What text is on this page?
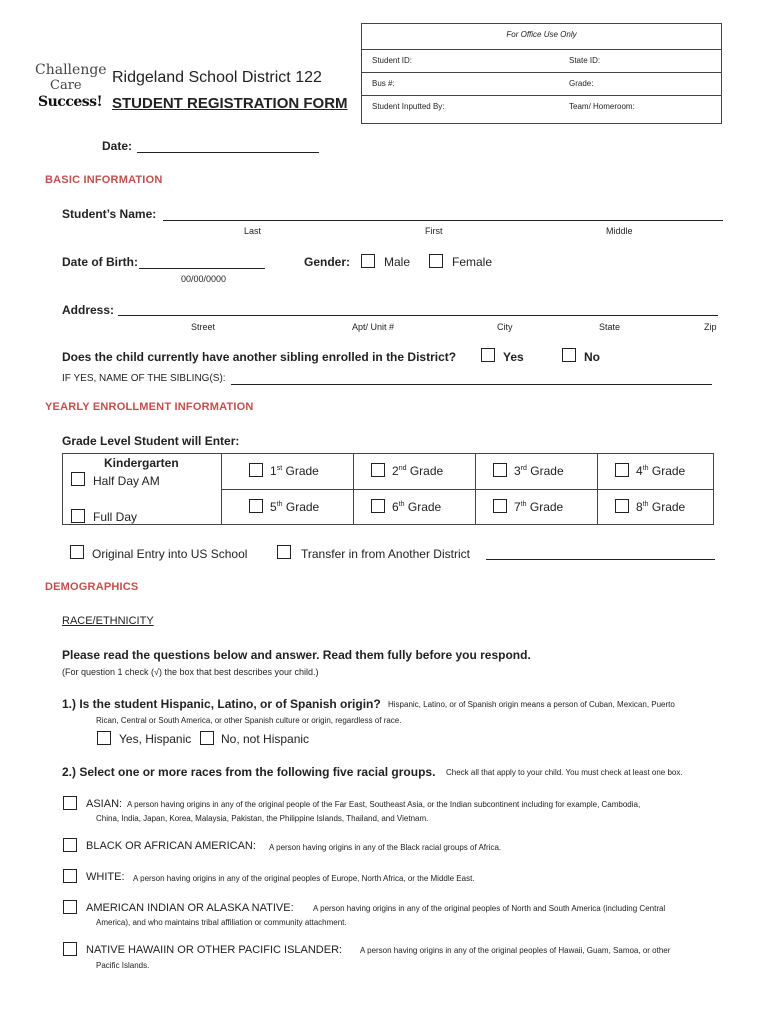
For Office Use Only
Student ID:	State ID:
Bus #:	Grade:
Student Inputted By:	Team/ Homeroom:
Challenge
Care
Success!
Ridgeland School District 122
STUDENT REGISTRATION FORM
Date:
BASIC INFORMATION
Student’s Name:
Last	First	Middle
Date of Birth:
00/00/0000
Gender:	Male	Female
Address:
Street	Apt/ Unit #	City	State	Zip
Does the child currently have another sibling enrolled in the District?	Yes	No
IF YES, NAME OF THE SIBLING(S):
YEARLY ENROLLMENT INFORMATION
Grade Level Student will Enter:
Kindergarten
Half Day AM
Full Day
1st Grade	2nd Grade	3rd Grade	4th Grade
5th Grade	6th Grade	7th Grade	8th Grade
Original Entry into US School	Transfer in from Another District
DEMOGRAPHICS
RACE/ETHNICITY
Please read the questions below and answer. Read them fully before you respond.
(For question 1 check (√) the box that best describes your child.)
1.) Is the student Hispanic, Latino, or of Spanish origin? Hispanic, Latino, or of Spanish origin means a person of Cuban, Mexican, Puerto
Rican, Central or South America, or other Spanish culture or origin, regardless of race.
Yes, Hispanic No, not Hispanic
2.) Select one or more races from the following five racial groups. Check all that apply to your child. You must check at least one box.
ASIAN: A person having origins in any of the original people of the Far East, Southeast Asia, or the Indian subcontinent including for example, Cambodia,
China, India, Japan, Korea, Malaysia, Pakistan, the Philippine Islands, Thailand, and Vietnam.
BLACK OR AFRICAN AMERICAN: A person having origins in any of the Black racial groups of Africa.
WHITE: A person having origins in any of the original peoples of Europe, North Africa, or the Middle East.
AMERICAN INDIAN OR ALASKA NATIVE: A person having origins in any of the original peoples of North and South America (including Central
America), and who maintains tribal affiliation or community attachment.
NATIVE HAWAIIN OR OTHER PACIFIC ISLANDER: A person having origins in any of the original peoples of Hawaii, Guam, Samoa, or other
Pacific Islands.
